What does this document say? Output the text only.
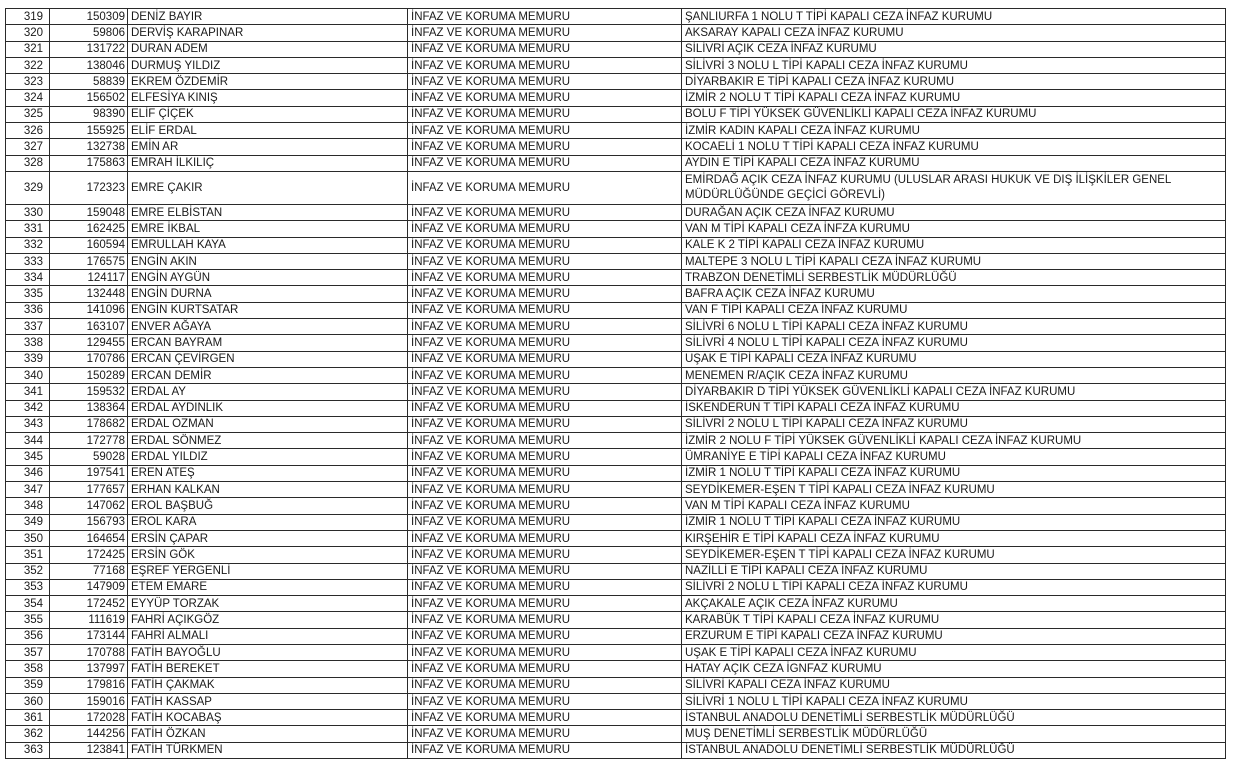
319	150309	DENİZ BAYIR	İNFAZ VE KORUMA MEMURU	ŞANLIURFA 1 NOLU T TİPİ KAPALI CEZA İNFAZ KURUMU
320	59806	DERVİŞ KARAPINAR	İNFAZ VE KORUMA MEMURU	AKSARAY KAPALI CEZA İNFAZ KURUMU
321	131722	DURAN ADEM	İNFAZ VE KORUMA MEMURU	SİLİVRİ AÇIK CEZA İNFAZ KURUMU
322	138046	DURMUŞ YILDIZ	İNFAZ VE KORUMA MEMURU	SİLİVRİ 3 NOLU L TİPİ KAPALI CEZA İNFAZ KURUMU
323	58839	EKREM ÖZDEMİR	İNFAZ VE KORUMA MEMURU	DİYARBAKIR E TİPİ KAPALI CEZA İNFAZ KURUMU
324	156502	ELFESİYA KINIŞ	İNFAZ VE KORUMA MEMURU	İZMİR 2 NOLU T TİPİ KAPALI CEZA İNFAZ KURUMU
325	98390	ELİF ÇİÇEK	İNFAZ VE KORUMA MEMURU	BOLU F TİPİ YÜKSEK GÜVENLİKLİ KAPALI CEZA İNFAZ KURUMU
326	155925	ELİF ERDAL	İNFAZ VE KORUMA MEMURU	İZMİR KADIN KAPALI CEZA İNFAZ KURUMU
327	132738	EMİN AR	İNFAZ VE KORUMA MEMURU	KOCAELİ 1 NOLU T TİPİ KAPALI CEZA İNFAZ KURUMU
328	175863	EMRAH İLKILIÇ	İNFAZ VE KORUMA MEMURU	AYDIN E TİPİ KAPALI CEZA İNFAZ KURUMU
329	172323	EMRE ÇAKIR	İNFAZ VE KORUMA MEMURU	EMİRDAĞ AÇIK CEZA İNFAZ KURUMU (ULUSLAR ARASI HUKUK VE DIŞ İLİŞKİLER GENEL MÜDÜRLÜĞÜNDE GEÇİCİ GÖREVLİ)
330	159048	EMRE ELBİSTAN	İNFAZ VE KORUMA MEMURU	DURAĞAN AÇIK CEZA İNFAZ KURUMU
331	162425	EMRE İKBAL	İNFAZ VE KORUMA MEMURU	VAN M TİPİ KAPALI CEZA İNFZA KURUMU
332	160594	EMRULLAH KAYA	İNFAZ VE KORUMA MEMURU	KALE K 2 TİPİ KAPALI CEZA İNFAZ KURUMU
333	176575	ENGİN AKIN	İNFAZ VE KORUMA MEMURU	MALTEPE 3 NOLU L TİPİ KAPALI CEZA İNFAZ KURUMU
334	124117	ENGİN AYGÜN	İNFAZ VE KORUMA MEMURU	TRABZON DENETİMLİ SERBESTLİK MÜDÜRLÜĞÜ
335	132448	ENGİN DURNA	İNFAZ VE KORUMA MEMURU	BAFRA AÇIK CEZA İNFAZ KURUMU
336	141096	ENGİN KURTSATAR	İNFAZ VE KORUMA MEMURU	VAN F TİPİ KAPALI CEZA İNFAZ KURUMU
337	163107	ENVER AĞAYA	İNFAZ VE KORUMA MEMURU	SİLİVRİ 6 NOLU L TİPİ KAPALI CEZA İNFAZ KURUMU
338	129455	ERCAN BAYRAM	İNFAZ VE KORUMA MEMURU	SİLİVRİ 4 NOLU L TİPİ KAPALI CEZA İNFAZ KURUMU
339	170786	ERCAN ÇEVİRGEN	İNFAZ VE KORUMA MEMURU	UŞAK E TİPİ KAPALI CEZA İNFAZ KURUMU
340	150289	ERCAN DEMİR	İNFAZ VE KORUMA MEMURU	MENEMEN R/AÇIK CEZA İNFAZ KURUMU
341	159532	ERDAL AY	İNFAZ VE KORUMA MEMURU	DİYARBAKIR D TİPİ YÜKSEK GÜVENLİKLİ KAPALI CEZA İNFAZ KURUMU
342	138364	ERDAL AYDINLIK	İNFAZ VE KORUMA MEMURU	İSKENDERUN T TİPİ KAPALI CEZA İNFAZ KURUMU
343	178682	ERDAL OZMAN	İNFAZ VE KORUMA MEMURU	SİLİVRİ 2 NOLU L TİPİ KAPALI CEZA İNFAZ KURUMU
344	172778	ERDAL SÖNMEZ	İNFAZ VE KORUMA MEMURU	İZMİR 2 NOLU F TİPİ YÜKSEK GÜVENLİKLİ KAPALI CEZA İNFAZ KURUMU
345	59028	ERDAL YILDIZ	İNFAZ VE KORUMA MEMURU	ÜMRANİYE E TİPİ KAPALI CEZA İNFAZ KURUMU
346	197541	EREN ATEŞ	İNFAZ VE KORUMA MEMURU	İZMİR 1 NOLU T TİPİ KAPALI CEZA İNFAZ KURUMU
347	177657	ERHAN KALKAN	İNFAZ VE KORUMA MEMURU	SEYDİKEMER-EŞEN T TİPİ KAPALI CEZA İNFAZ KURUMU
348	147062	EROL BAŞBUĞ	İNFAZ VE KORUMA MEMURU	VAN M TİPİ KAPALI CEZA İNFAZ KURUMU
349	156793	EROL KARA	İNFAZ VE KORUMA MEMURU	İZMİR 1 NOLU T TİPİ KAPALI CEZA İNFAZ KURUMU
350	164654	ERSİN ÇAPAR	İNFAZ VE KORUMA MEMURU	KIRŞEHİR E TİPİ KAPALI CEZA İNFAZ KURUMU
351	172425	ERSİN GÖK	İNFAZ VE KORUMA MEMURU	SEYDİKEMER-EŞEN T TİPİ KAPALI CEZA İNFAZ KURUMU
352	77168	EŞREF YERGENLİ	İNFAZ VE KORUMA MEMURU	NAZİLLİ E TİPİ KAPALI CEZA İNFAZ KURUMU
353	147909	ETEM EMARE	İNFAZ VE KORUMA MEMURU	SİLİVRİ 2 NOLU L TİPİ KAPALI CEZA İNFAZ KURUMU
354	172452	EYYÜP TORZAK	İNFAZ VE KORUMA MEMURU	AKÇAKALE AÇIK CEZA İNFAZ KURUMU
355	111619	FAHRİ AÇIKGÖZ	İNFAZ VE KORUMA MEMURU	KARABÜK T TİPİ KAPALI CEZA İNFAZ KURUMU
356	173144	FAHRİ ALMALI	İNFAZ VE KORUMA MEMURU	ERZURUM E TİPİ KAPALI CEZA İNFAZ KURUMU
357	170788	FATİH BAYOĞLU	İNFAZ VE KORUMA MEMURU	UŞAK E TİPİ KAPALI CEZA İNFAZ KURUMU
358	137997	FATİH BEREKET	İNFAZ VE KORUMA MEMURU	HATAY AÇIK CEZA İGNFAZ KURUMU
359	179816	FATİH ÇAKMAK	İNFAZ VE KORUMA MEMURU	SİLİVRİ KAPALI CEZA İNFAZ KURUMU
360	159016	FATİH KASSAP	İNFAZ VE KORUMA MEMURU	SİLİVRİ 1 NOLU L TİPİ KAPALI CEZA İNFAZ KURUMU
361	172028	FATİH KOCABAŞ	İNFAZ VE KORUMA MEMURU	İSTANBUL ANADOLU DENETİMLİ SERBESTLİK MÜDÜRLÜĞÜ
362	144256	FATİH ÖZKAN	İNFAZ VE KORUMA MEMURU	MUŞ DENETİMLİ SERBESTLİK MÜDÜRLÜĞÜ
363	123841	FATİH TÜRKMEN	İNFAZ VE KORUMA MEMURU	İSTANBUL ANADOLU DENETİMLİ SERBESTLİK MÜDÜRLÜĞÜ
